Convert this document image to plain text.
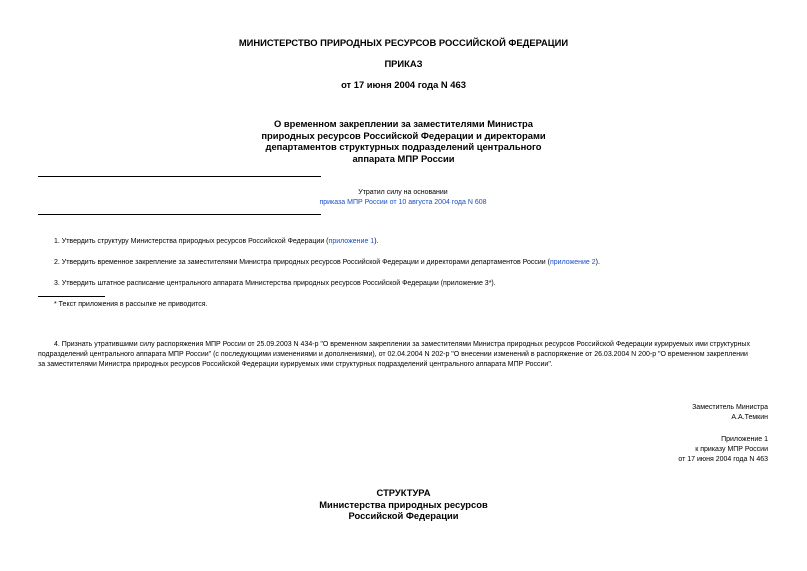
МИНИСТЕРСТВО ПРИРОДНЫХ РЕСУРСОВ РОССИЙСКОЙ ФЕДЕРАЦИИ
ПРИКАЗ
от 17 июня 2004 года N 463
О временном закреплении за заместителями Министра
природных ресурсов Российской Федерации и директорами
департаментов структурных подразделений центрального
аппарата МПР России
Утратил силу на основании
приказа МПР России от 10 августа 2004 года N 608
1. Утвердить структуру Министерства природных ресурсов Российской Федерации (приложение 1).
2. Утвердить временное закрепление за заместителями Министра природных ресурсов Российской Федерации и директорами департаментов России (приложение 2).
3. Утвердить штатное расписание центрального аппарата Министерства природных ресурсов Российской Федерации (приложение 3*).
* Текст приложения в рассылке не приводится.
4. Признать утратившими силу распоряжения МПР России от 25.09.2003 N 434-р "О временном закреплении за заместителями Министра природных ресурсов Российской Федерации курируемых ими структурных
подразделений центрального аппарата МПР России" (с последующими изменениями и дополнениями), от 02.04.2004 N 202-р "О внесении изменений в распоряжение от 26.03.2004 N 200-р "О временном закреплении
за заместителями Министра природных ресурсов Российской Федерации курируемых ими структурных подразделений центрального аппарата МПР России".
Заместитель Министра
А.А.Темкин
Приложение 1
к приказу МПР России
от 17 июня 2004 года N 463
СТРУКТУРА
Министерства природных ресурсов
Российской Федерации
